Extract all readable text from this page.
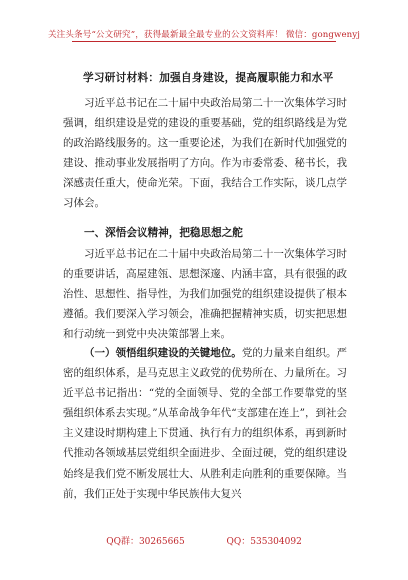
关注头条号“公文研究”，获得最新最全最专业的公文资料库！ 微信：gongwenyj
学习研讨材料：加强自身建设，提高履职能力和水平

习近平总书记在二十届中央政治局第二十一次集体学习时强调，组织建设是党的建设的重要基础，党的组织路线是为党的政治路线服务的。这一重要论述，为我们在新时代加强党的建设、推动事业发展指明了方向。作为市委常委、秘书长，我深感责任重大，使命光荣。下面，我结合工作实际，谈几点学习体会。

一、深悟会议精神，把稳思想之舵

习近平总书记在二十届中央政治局第二十一次集体学习时的重要讲话，高屋建瓴、思想深邃、内涵丰富，具有很强的政治性、思想性、指导性，为我们加强党的组织建设提供了根本遵循。我们要深入学习领会，准确把握精神实质，切实把思想和行动统一到党中央决策部署上来。

（一）领悟组织建设的关键地位。党的力量来自组织。严密的组织体系，是马克思主义政党的优势所在、力量所在。习近平总书记指出：“党的全面领导、党的全部工作要靠党的坚强组织体系去实现。”从革命战争年代“支部建在连上”，到社会主义建设时期构建上下贯通、执行有力的组织体系，再到新时代推动各领域基层党组织全面进步、全面过硬，党的组织建设始终是我们党不断发展壮大、从胜利走向胜利的重要保障。当前，我们正处于实现中华民族伟大复兴

QQ群：30265665	QQ：535304092
